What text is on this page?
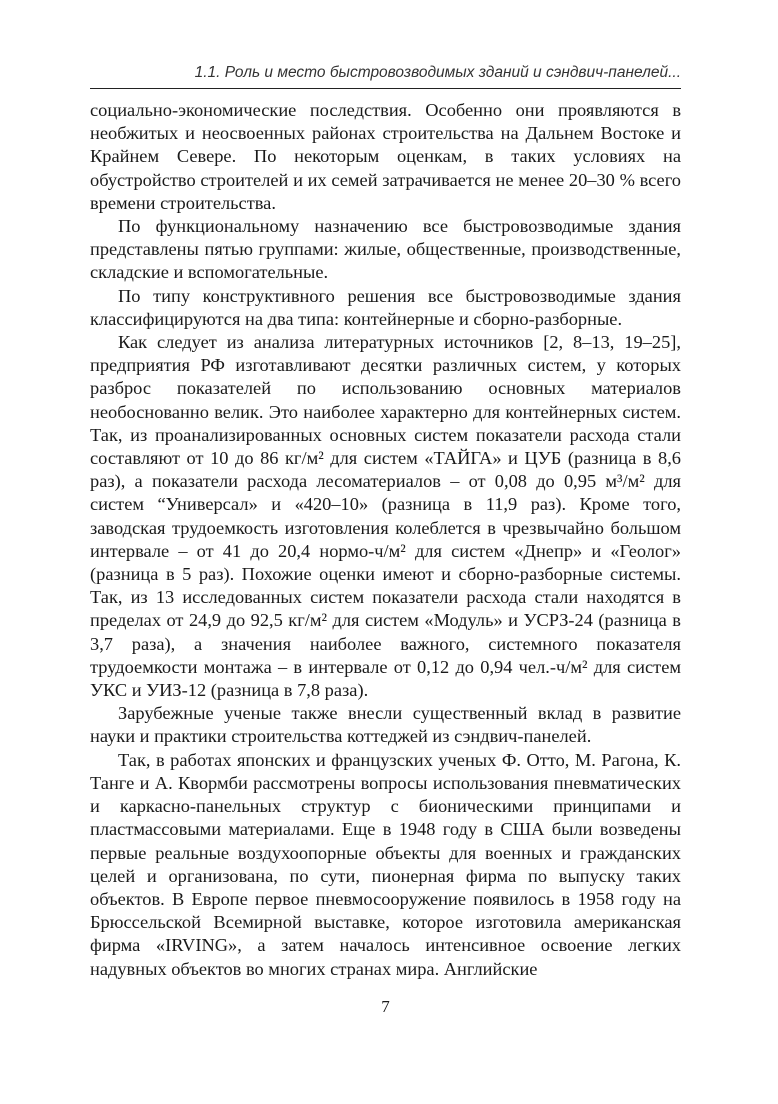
1.1. Роль и место быстровозводимых зданий и сэндвич-панелей...

социально-экономические последствия. Особенно они проявляются в необжитых и неосвоенных районах строительства на Дальнем Востоке и Крайнем Севере. По некоторым оценкам, в таких условиях на обустройство строителей и их семей затрачивается не менее 20–30 % всего времени строительства.

По функциональному назначению все быстровозводимые здания представлены пятью группами: жилые, общественные, производственные, складские и вспомогательные.

По типу конструктивного решения все быстровозводимые здания классифицируются на два типа: контейнерные и сборно-разборные.

Как следует из анализа литературных источников [2, 8–13, 19–25], предприятия РФ изготавливают десятки различных систем, у которых разброс показателей по использованию основных материалов необоснованно велик. Это наиболее характерно для контейнерных систем. Так, из проанализированных основных систем показатели расхода стали составляют от 10 до 86 кг/м² для систем «ТАЙГА» и ЦУБ (разница в 8,6 раз), а показатели расхода лесоматериалов – от 0,08 до 0,95 м³/м² для систем “Универсал» и «420–10» (разница в 11,9 раз). Кроме того, заводская трудоемкость изготовления колеблется в чрезвычайно большом интервале – от 41 до 20,4 нормо-ч/м² для систем «Днепр» и «Геолог» (разница в 5 раз). Похожие оценки имеют и сборно-разборные системы. Так, из 13 исследованных систем показатели расхода стали находятся в пределах от 24,9 до 92,5 кг/м² для систем «Модуль» и УСРЗ-24 (разница в 3,7 раза), а значения наиболее важного, системного показателя трудоемкости монтажа – в интервале от 0,12 до 0,94 чел.-ч/м² для систем УКС и УИЗ-12 (разница в 7,8 раза).

Зарубежные ученые также внесли существенный вклад в развитие науки и практики строительства коттеджей из сэндвич-панелей.

Так, в работах японских и французских ученых Ф. Отто, М. Рагона, К. Танге и А. Квормби рассмотрены вопросы использования пневматических и каркасно-панельных структур с бионическими принципами и пластмассовыми материалами. Еще в 1948 году в США были возведены первые реальные воздухоопорные объекты для военных и гражданских целей и организована, по сути, пионерная фирма по выпуску таких объектов. В Европе первое пневмосооружение появилось в 1958 году на Брюссельской Всемирной выставке, которое изготовила американская фирма «IRVING», а затем началось интенсивное освоение легких надувных объектов во многих странах мира. Английские

7
